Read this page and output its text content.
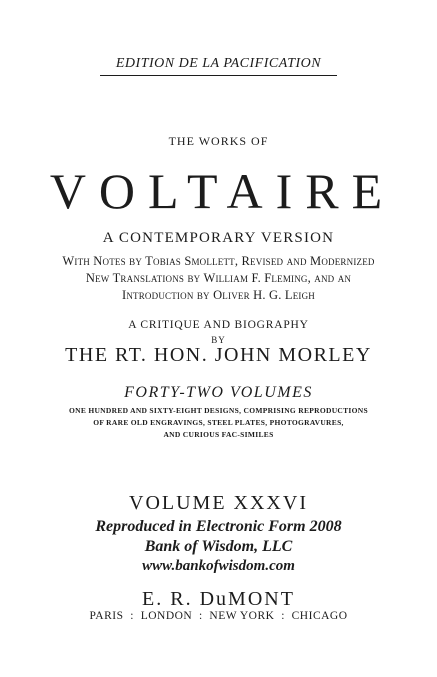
EDITION DE LA PACIFICATION
THE WORKS OF
VOLTAIRE
A CONTEMPORARY VERSION
With Notes by Tobias Smollett, Revised and Modernized
New Translations by William F. Fleming, and an
Introduction by Oliver H. G. Leigh
A CRITIQUE AND BIOGRAPHY
BY
THE RT. HON. JOHN MORLEY
FORTY-TWO VOLUMES
ONE HUNDRED AND SIXTY-EIGHT DESIGNS, COMPRISING REPRODUCTIONS
OF RARE OLD ENGRAVINGS, STEEL PLATES, PHOTOGRAVURES,
AND CURIOUS FAC-SIMILES
VOLUME XXXVI
Reproduced in Electronic Form 2008
Bank of Wisdom, LLC
www.bankofwisdom.com
E. R. DuMONT
PARIS  :  LONDON  :  NEW YORK  :  CHICAGO
